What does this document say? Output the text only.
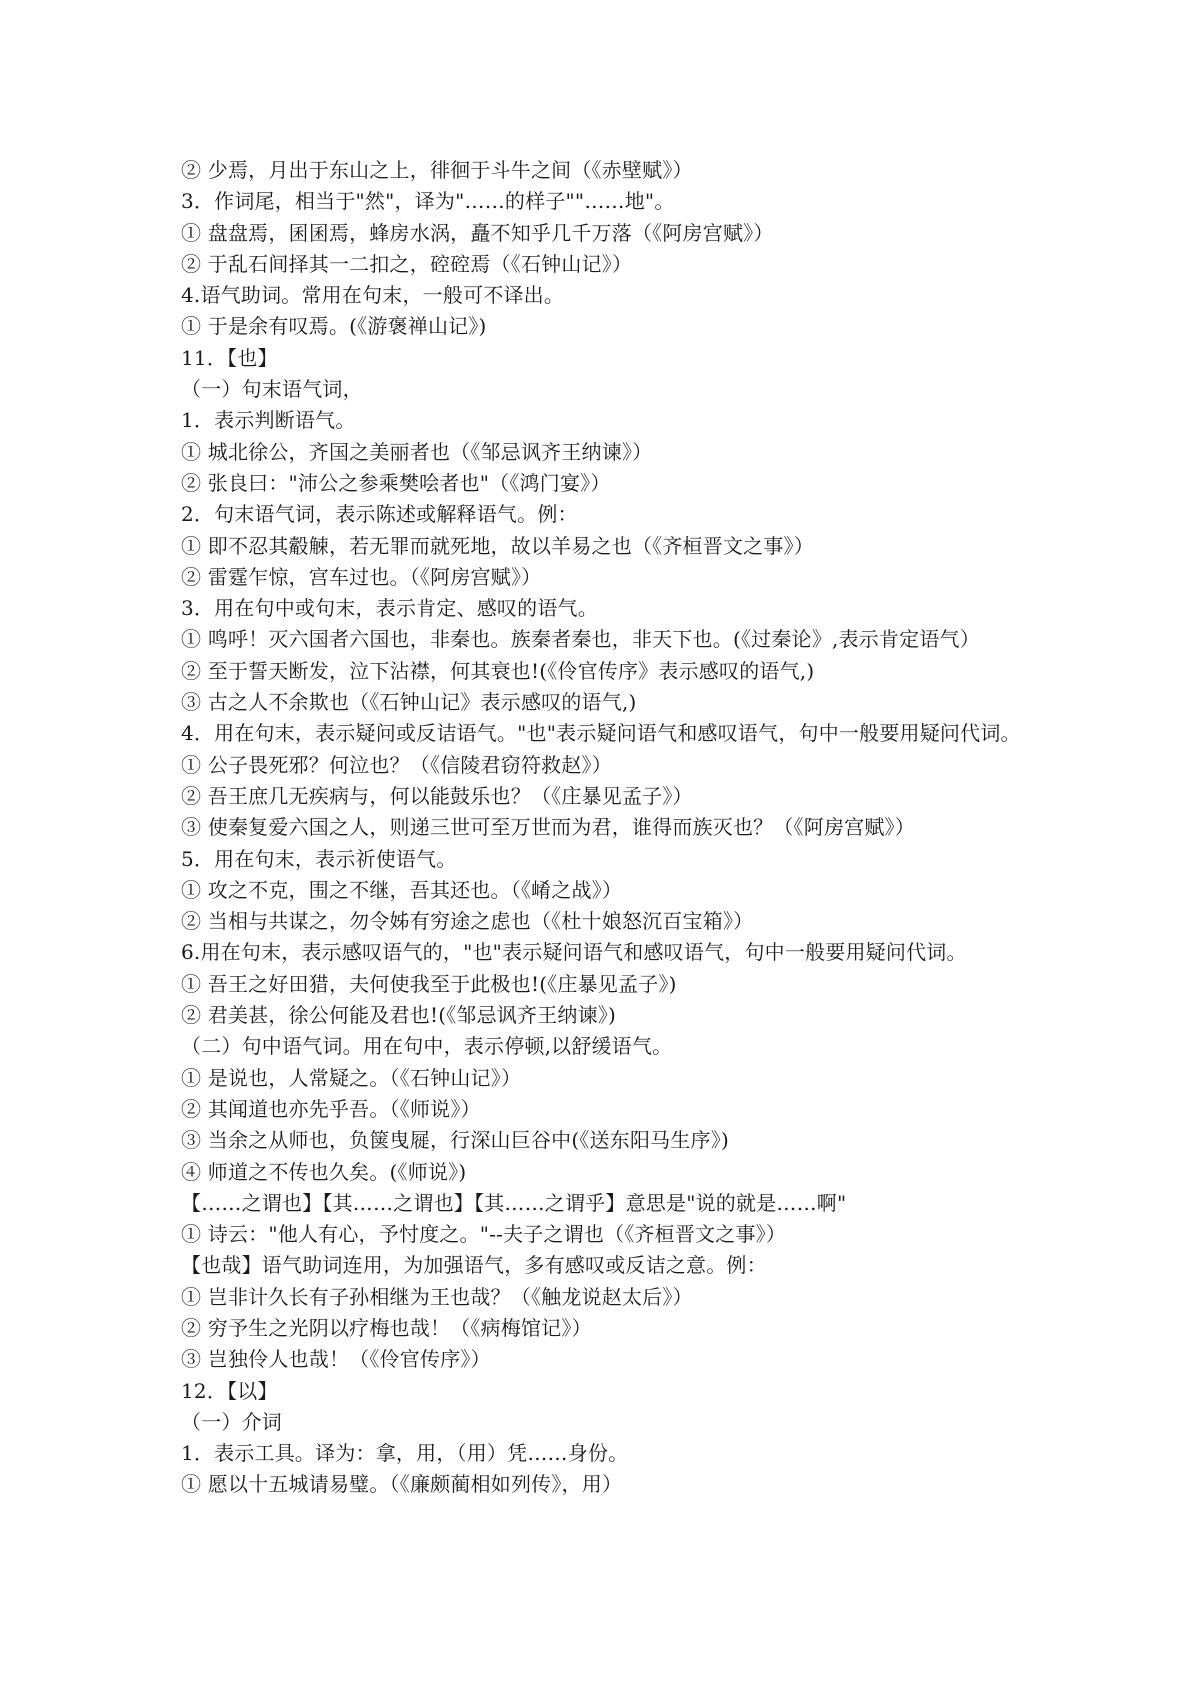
② 少焉，月出于东山之上，徘徊于斗牛之间（《赤壁赋》）
3．作词尾，相当于"然"，译为"……的样子""……地"。
① 盘盘焉，囷囷焉，蜂房水涡，矗不知乎几千万落（《阿房宫赋》）
② 于乱石间择其一二扣之，硿硿焉（《石钟山记》）
4.语气助词。常用在句末，一般可不译出。
① 于是余有叹焉。(《游褒禅山记》)
11．【也】
（一）句末语气词，
1．表示判断语气。
① 城北徐公，齐国之美丽者也（《邹忌讽齐王纳谏》）
② 张良曰："沛公之参乘樊哙者也"（《鸿门宴》）
2．句末语气词，表示陈述或解释语气。例：
① 即不忍其觳觫，若无罪而就死地，故以羊易之也（《齐桓晋文之事》）
② 雷霆乍惊，宫车过也。（《阿房宫赋》）
3．用在句中或句末，表示肯定、感叹的语气。
① 鸣呼！灭六国者六国也，非秦也。族秦者秦也，非天下也。(《过秦论》,表示肯定语气）
② 至于誓天断发，泣下沾襟，何其衰也!(《伶官传序》表示感叹的语气,)
③ 古之人不余欺也（《石钟山记》表示感叹的语气,)
4．用在句末，表示疑问或反诘语气。"也"表示疑问语气和感叹语气，句中一般要用疑问代词。
① 公子畏死邪？何泣也？（《信陵君窃符救赵》）
② 吾王庶几无疾病与，何以能鼓乐也？（《庄暴见孟子》）
③ 使秦复爱六国之人，则递三世可至万世而为君，谁得而族灭也？（《阿房宫赋》）
5．用在句末，表示祈使语气。
① 攻之不克，围之不继，吾其还也。（《崤之战》）
② 当相与共谋之，勿令姊有穷途之虑也（《杜十娘怒沉百宝箱》）
6.用在句末，表示感叹语气的，"也"表示疑问语气和感叹语气，句中一般要用疑问代词。
① 吾王之好田猎，夫何使我至于此极也!(《庄暴见孟子》)
② 君美甚，徐公何能及君也!(《邹忌讽齐王纳谏》)
（二）句中语气词。用在句中，表示停顿,以舒缓语气。
① 是说也，人常疑之。（《石钟山记》）
② 其闻道也亦先乎吾。（《师说》）
③ 当余之从师也，负箧曳屣，行深山巨谷中(《送东阳马生序》)
④ 师道之不传也久矣。(《师说》)
【……之谓也】【其……之谓也】【其……之谓乎】意思是"说的就是……啊"
① 诗云："他人有心，予忖度之。"--夫子之谓也（《齐桓晋文之事》）
【也哉】语气助词连用，为加强语气，多有感叹或反诘之意。例：
① 岂非计久长有子孙相继为王也哉？（《触龙说赵太后》）
② 穷予生之光阴以疗梅也哉！（《病梅馆记》）
③ 岂独伶人也哉！（《伶官传序》）
12．【以】
（一）介词
1．表示工具。译为：拿，用，（用）凭……身份。
① 愿以十五城请易璧。（《廉颇蔺相如列传》，用）
